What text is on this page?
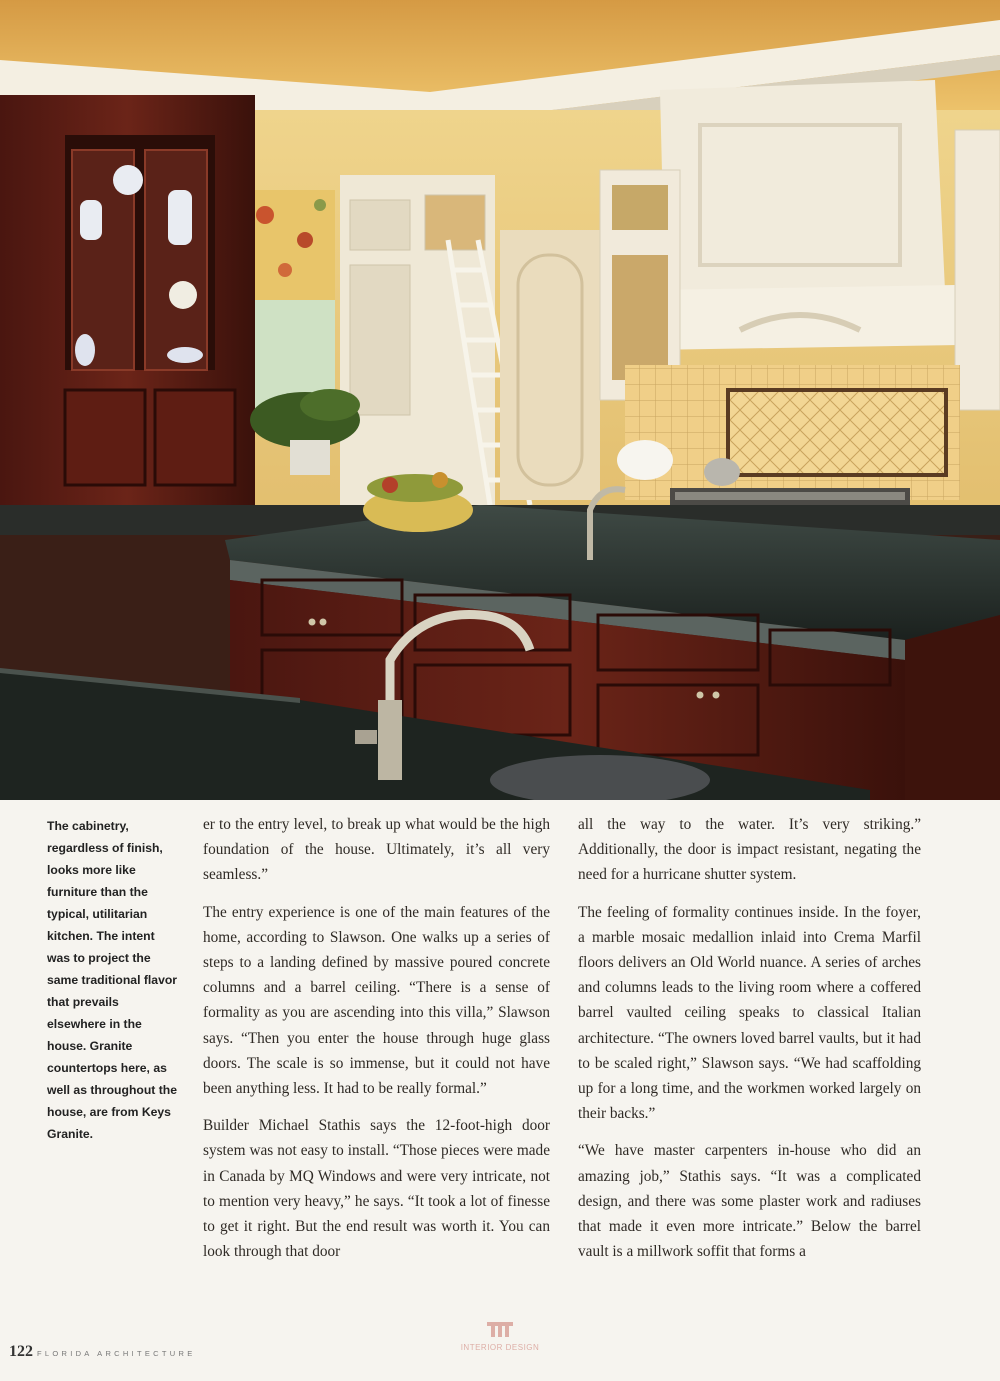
The cabinetry, regardless of finish, looks more like furniture than the typical, utilitarian kitchen. The intent was to project the same traditional flavor that prevails elsewhere in the house. Granite countertops here, as well as throughout the house, are from Keys Granite.

er to the entry level, to break up what would be the high foundation of the house. Ultimately, it’s all very seamless.”

The entry experience is one of the main features of the home, according to Slawson. One walks up a series of steps to a landing defined by massive poured concrete columns and a barrel ceiling. “There is a sense of formality as you are ascending into this villa,” Slawson says. “Then you enter the house through huge glass doors. The scale is so immense, but it could not have been anything less. It had to be really formal.”

Builder Michael Stathis says the 12-foot-high door system was not easy to install. “Those pieces were made in Canada by MQ Windows and were very intricate, not to mention very heavy,” he says. “It took a lot of finesse to get it right. But the end result was worth it. You can look through that door

all the way to the water. It’s very striking.” Additionally, the door is impact resistant, negating the need for a hurricane shutter system.

The feeling of formality continues inside. In the foyer, a marble mosaic medallion inlaid into Crema Marfil floors delivers an Old World nuance. A series of arches and columns leads to the living room where a coffered barrel vaulted ceiling speaks to classical Italian architecture. “The owners loved barrel vaults, but it had to be scaled right,” Slawson says. “We had scaffolding up for a long time, and the workmen worked largely on their backs.”

“We have master carpenters in-house who did an amazing job,” Stathis says. “It was a complicated design, and there was some plaster work and radiuses that made it even more intricate.” Below the barrel vault is a millwork soffit that forms a

122 FLORIDA ARCHITECTURE
INTERIOR DESIGN
